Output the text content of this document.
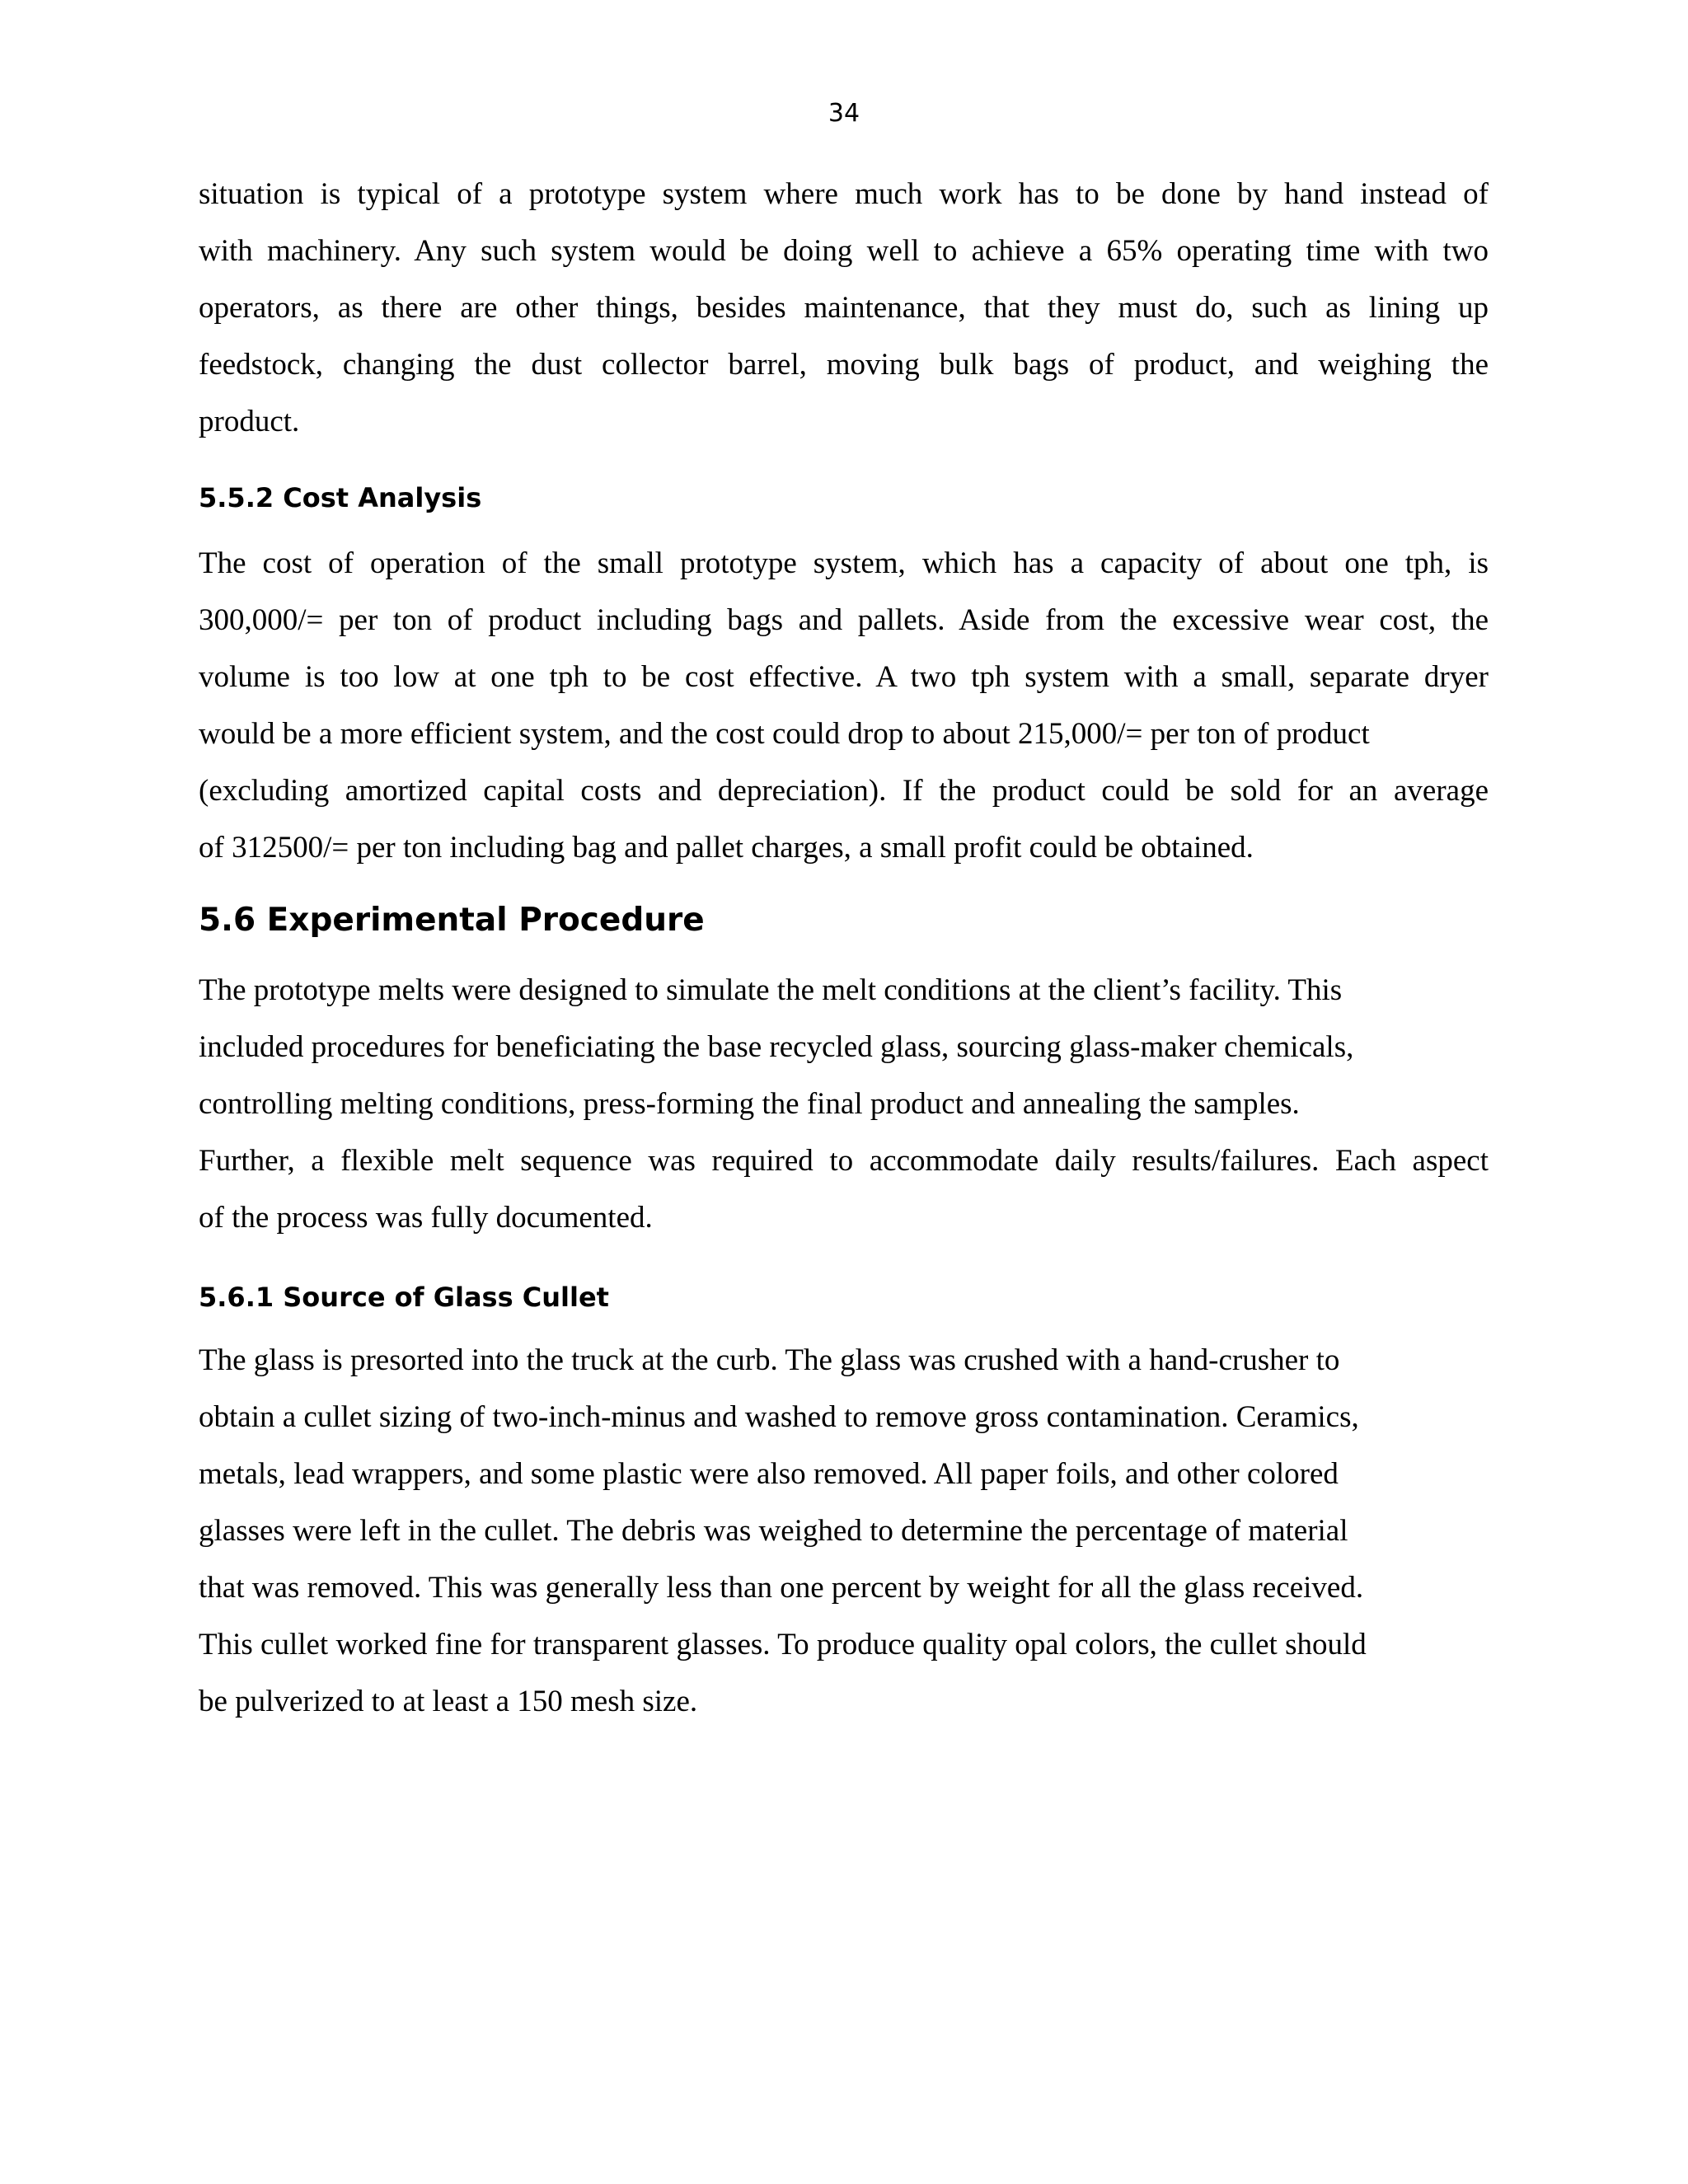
34

situation is typical of a prototype system where much work has to be done by hand instead of
with machinery. Any such system would be doing well to achieve a 65% operating time with two
operators, as there are other things, besides maintenance, that they must do, such as lining up
feedstock, changing the dust collector barrel, moving bulk bags of product, and weighing the
product.

5.5.2 Cost Analysis

The cost of operation of the small prototype system, which has a capacity of about one tph, is
300,000/= per ton of product including bags and pallets. Aside from the excessive wear cost, the
volume is too low at one tph to be cost effective. A two tph system with a small, separate dryer
would be a more efficient system, and the cost could drop to about 215,000/= per ton of product
(excluding amortized capital costs and depreciation). If the product could be sold for an average
of 312500/= per ton including bag and pallet charges, a small profit could be obtained.

5.6 Experimental Procedure

The prototype melts were designed to simulate the melt conditions at the client’s facility. This
included procedures for beneficiating the base recycled glass, sourcing glass-maker chemicals,
controlling melting conditions, press-forming the final product and annealing the samples.
Further, a flexible melt sequence was required to accommodate daily results/failures. Each aspect
of the process was fully documented.

5.6.1 Source of Glass Cullet

The glass is presorted into the truck at the curb. The glass was crushed with a hand-crusher to
obtain a cullet sizing of two-inch-minus and washed to remove gross contamination. Ceramics,
metals, lead wrappers, and some plastic were also removed. All paper foils, and other colored
glasses were left in the cullet. The debris was weighed to determine the percentage of material
that was removed. This was generally less than one percent by weight for all the glass received.
This cullet worked fine for transparent glasses. To produce quality opal colors, the cullet should
be pulverized to at least a 150 mesh size.
